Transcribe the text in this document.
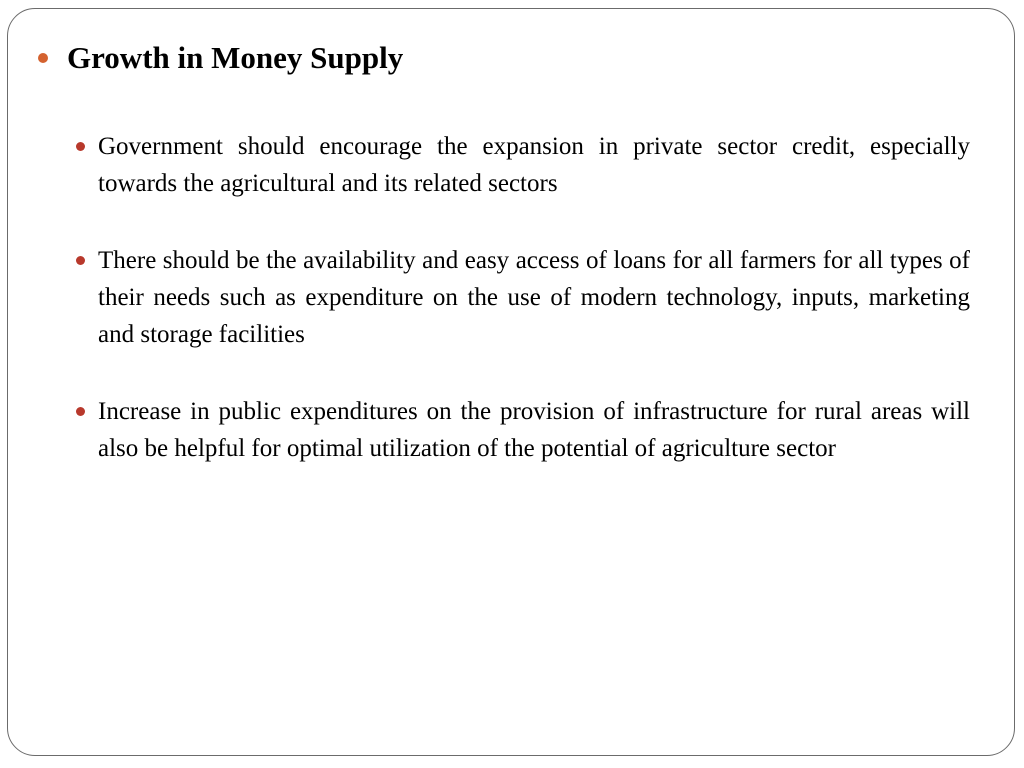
Growth in Money Supply
Government should encourage the expansion in private sector credit, especially towards the agricultural and its related sectors
There should be the availability and easy access of loans for all farmers for all types of their needs such as expenditure on the use of modern technology, inputs, marketing and storage facilities
Increase in public expenditures on the provision of infrastructure for rural areas will also be helpful for optimal utilization of the potential of agriculture sector
